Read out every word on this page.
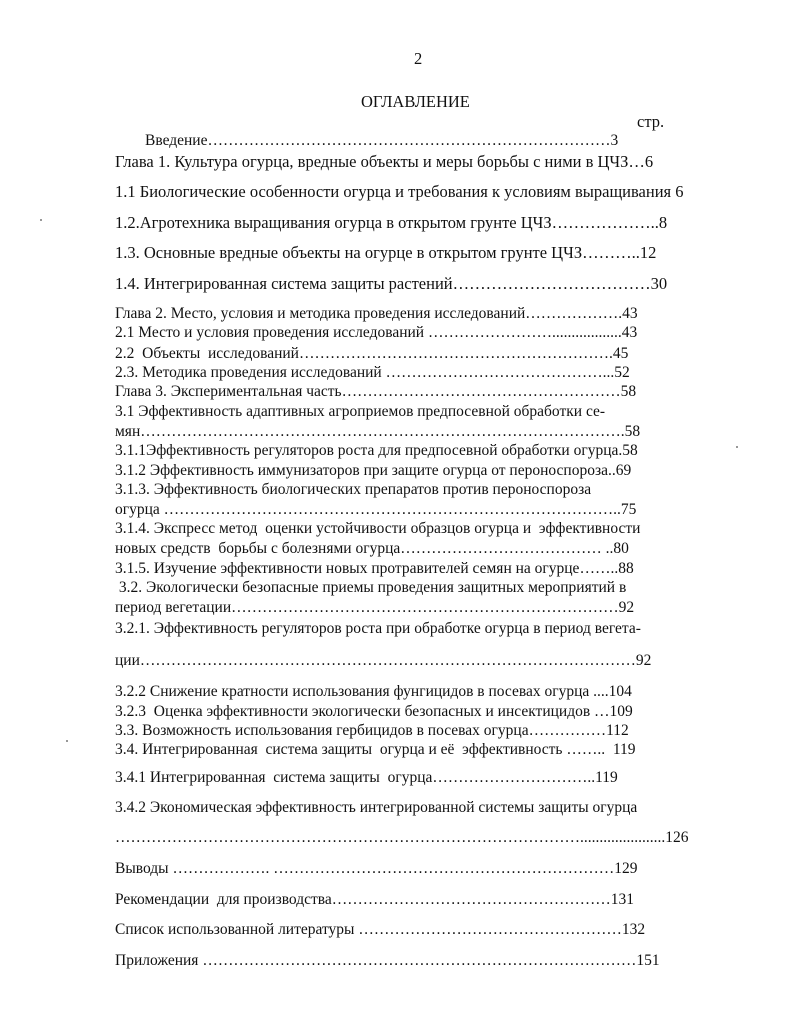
2
ОГЛАВЛЕНИЕ
стр.
Введение……………………………………………………………………3
Глава 1. Культура огурца, вредные объекты и меры борьбы с ними в ЦЧЗ…6
1.1 Биологические особенности огурца и требования к условиям выращивания 6
1.2.Агротехника выращивания огурца в открытом грунте ЦЧЗ………………..8
1.3. Основные вредные объекты на огурце в открытом грунте ЦЧЗ………..12
1.4. Интегрированная система защиты растений………………………………30
Глава 2. Место, условия и методика проведения исследований……………….43
2.1 Место и условия проведения исследований ……………………..................43
2.2  Объекты  исследований…………………………………………………….45
2.3. Методика проведения исследований ……………………………………...52
Глава 3. Экспериментальная часть………………………………………………58
3.1 Эффективность адаптивных агроприемов предпосевной обработки се-
мян………………………………………………………………………………….58
3.1.1Эффективность регуляторов роста для предпосевной обработки огурца.58
3.1.2 Эффективность иммунизаторов при защите огурца от пероноспороза..69
3.1.3. Эффективность биологических препаратов против пероноспороза
огурца ……………………………………………………………………………..75
3.1.4. Экспресс метод  оценки устойчивости образцов огурца и  эффективности
новых средств  борьбы с болезнями огурца………………………………… ..80
3.1.5. Изучение эффективности новых протравителей семян на огурце……..88
3.2. Экологически безопасные приемы проведения защитных мероприятий в
период вегетации…………………………………………………………………92
3.2.1. Эффективность регуляторов роста при обработке огурца в период вегета-
ции……………………………………………………………………………………92
3.2.2 Снижение кратности использования фунгицидов в посевах огурца ....104
3.2.3  Оценка эффективности экологически безопасных и инсектицидов …109
3.3. Возможность использования гербицидов в посевах огурца……………112
3.4. Интегрированная  система защиты  огурца и её  эффективность ……..  119
3.4.1 Интегрированная  система защиты  огурца…………………………..119
3.4.2 Экономическая эффективность интегрированной системы защиты огурца
………………………………………………………………………………......................126
Выводы ………………. …………………………………………………………129
Рекомендации  для производства………………………………………………131
Список использованной литературы ……………………………………………132
Приложения …………………………………………………………………………151
